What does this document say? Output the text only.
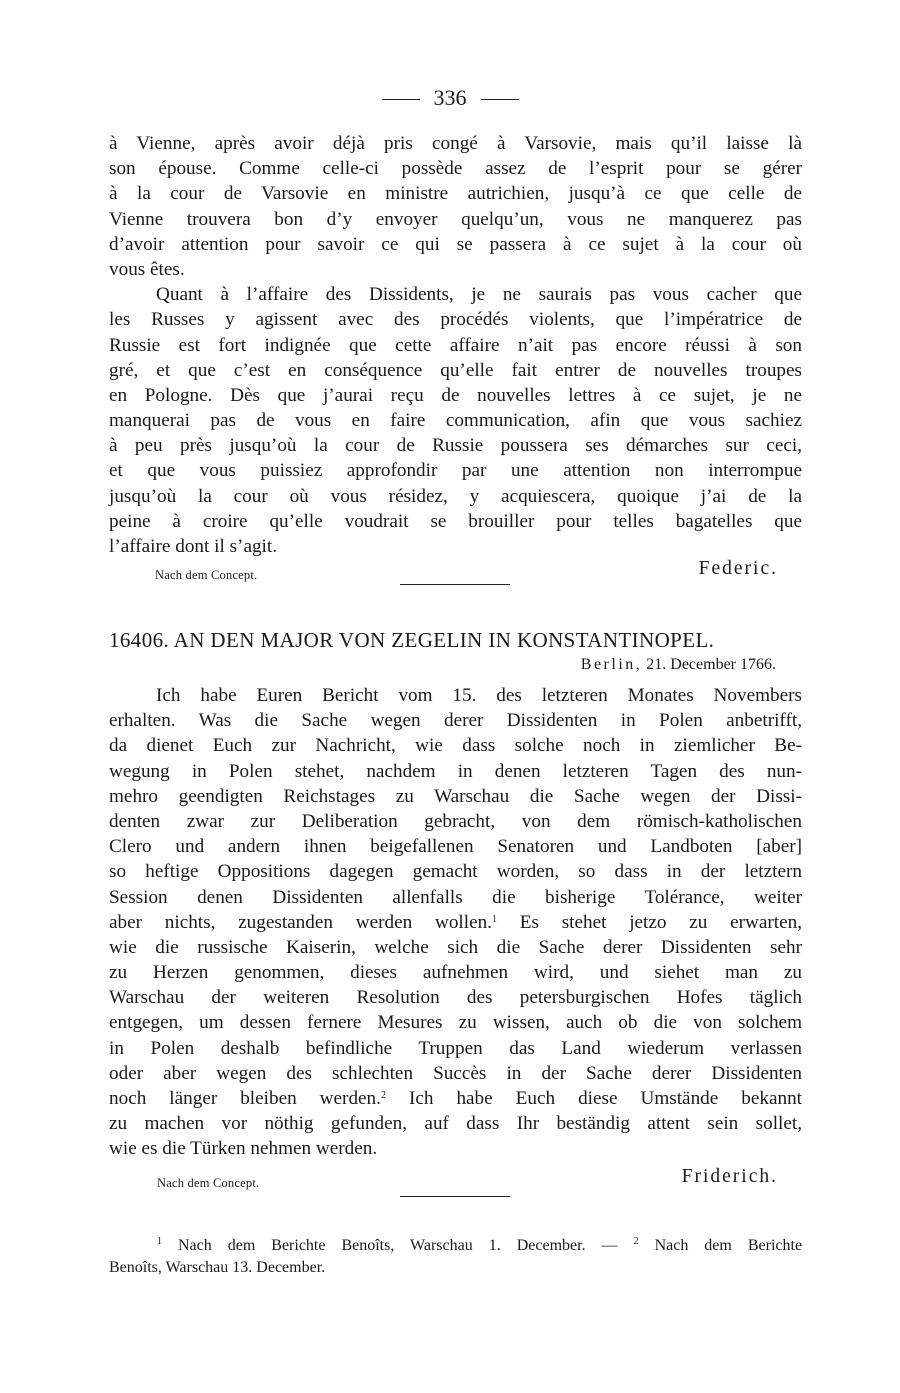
336
à Vienne, après avoir déjà pris congé à Varsovie, mais qu’il laisse là
son épouse. Comme celle-ci possède assez de l’esprit pour se gérer
à la cour de Varsovie en ministre autrichien, jusqu’à ce que celle de
Vienne trouvera bon d’y envoyer quelqu’un, vous ne manquerez pas
d’avoir attention pour savoir ce qui se passera à ce sujet à la cour où
vous êtes.
Quant à l’affaire des Dissidents, je ne saurais pas vous cacher que
les Russes y agissent avec des procédés violents, que l’impératrice de
Russie est fort indignée que cette affaire n’ait pas encore réussi à son
gré, et que c’est en conséquence qu’elle fait entrer de nouvelles troupes
en Pologne. Dès que j’aurai reçu de nouvelles lettres à ce sujet, je ne
manquerai pas de vous en faire communication, afin que vous sachiez
à peu près jusqu’où la cour de Russie poussera ses démarches sur ceci,
et que vous puissiez approfondir par une attention non interrompue
jusqu’où la cour où vous résidez, y acquiescera, quoique j’ai de la
peine à croire qu’elle voudrait se brouiller pour telles bagatelles que
l’affaire dont il s’agit.
Nach dem Concept.	Federic.
16406. AN DEN MAJOR VON ZEGELIN IN KONSTANTINOPEL.
Berlin, 21. December 1766.
Ich habe Euren Bericht vom 15. des letzteren Monates Novembers
erhalten. Was die Sache wegen derer Dissidenten in Polen anbetrifft,
da dienet Euch zur Nachricht, wie dass solche noch in ziemlicher Be-
wegung in Polen stehet, nachdem in denen letzteren Tagen des nun-
mehro geendigten Reichstages zu Warschau die Sache wegen der Dissi-
denten zwar zur Deliberation gebracht, von dem römisch-katholischen
Clero und andern ihnen beigefallenen Senatoren und Landboten [aber]
so heftige Oppositions dagegen gemacht worden, so dass in der letztern
Session denen Dissidenten allenfalls die bisherige Tolérance, weiter
aber nichts, zugestanden werden wollen.$^1$ Es stehet jetzo zu erwarten,
wie die russische Kaiserin, welche sich die Sache derer Dissidenten sehr
zu Herzen genommen, dieses aufnehmen wird, und siehet man zu
Warschau der weiteren Resolution des petersburgischen Hofes täglich
entgegen, um dessen fernere Mesures zu wissen, auch ob die von solchem
in Polen deshalb befindliche Truppen das Land wiederum verlassen
oder aber wegen des schlechten Succès in der Sache derer Dissidenten
noch länger bleiben werden.$^2$ Ich habe Euch diese Umstände bekannt
zu machen vor nöthig gefunden, auf dass Ihr beständig attent sein sollet,
wie es die Türken nehmen werden.
Nach dem Concept.	Friderich.
$^1$ Nach dem Berichte Benoîts, Warschau 1. December. — $^2$ Nach dem Berichte
Benoîts, Warschau 13. December.
